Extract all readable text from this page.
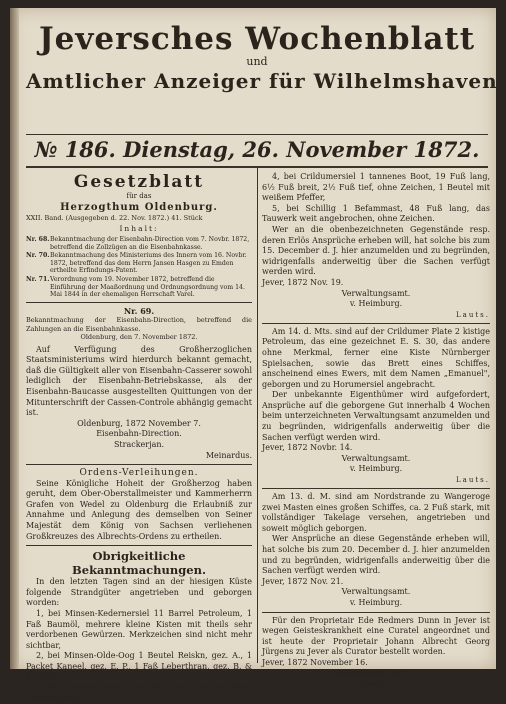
Jeversches Wochenblatt
und
Amtlicher Anzeiger für Wilhelmshaven.
№ 186. Dienstag, 26. November 1872.
Gesetzblatt
für das
Herzogthum Oldenburg.
XXII. Band. (Ausgegeben d. 22. Nov. 1872.) 41. Stück
Inhalt:
Nr. 68. Bekanntmachung der Eisenbahn-Direction vom 7. Novbr. 1872, betreffend die Zollzügen an die Eisenbahnkasse.
Nr. 70. Bekanntmachung des Ministeriums des Innern vom 16. Novbr. 1872, betreffend das dem Herrn Jansen Hasgen zu Emden ertheilte Erfindungs-Patent.
Nr. 71. Verordnung vom 19. November 1872, betreffend die Einführung der Maaßordnung und Ordnungsordnung vom 14. Mai 1844 in der ehemaligen Herrschaft Varel.
Nr. 69.
Bekanntmachung der Eisenbahn-Direction, betreffend die Zahlungen an die Eisenbahnkasse.
Oldenburg, den 7. November 1872.
Auf Verfügung des Großherzoglichen Staatsministeriums wird hierdurch bekannt gemacht, daß die Gültigkeit aller von Eisenbahn-Casserer sowohl lediglich der Eisenbahn-Betriebskasse, als der Eisenbahn-Baucasse ausgestellten Quittungen von der Mitunterschrift der Cassen-Controle abhängig gemacht ist.
Oldenburg, 1872 November 7.
Eisenbahn-Direction.
Strackerjan.
Meinardus.
Ordens-Verleihungen.
Seine Königliche Hoheit der Großherzog haben geruht, dem Ober-Oberstallmeister und Kammerherrn Grafen von Wedel zu Oldenburg die Erlaubniß zur Annahme und Anlegung des demselben von Seiner Majestät dem König von Sachsen verliehenen Großkreuzes des Albrechts-Ordens zu ertheilen.
Obrigkeitliche Bekanntmachungen.
In den letzten Tagen sind an der hiesigen Küste folgende Strandgüter angetrieben und geborgen worden:
1, bei Minsen-Kedernersiel 11 Barrel Petroleum, 1 Faß Baumöl, mehrere kleine Kisten mit theils sehr verdorbenen Gewürzen. Merkzeichen sind nicht mehr sichtbar,
2, bei Minsen-Olde-Oog 1 Beutel Reiskn, gez. A., 1 Packet Kaneel, gez. E. P., 1 Faß Leberthran, gez. B. & K. 8438,
3, bei Hooksiel eine Kiste mit Gewürzwaaren ohne Merkzeichen,
4, bei Crildumersiel 1 tannenes Boot, 19 Fuß lang, 6½ Fuß breit, 2½ Fuß tief, ohne Zeichen, 1 Beutel mit weißem Pfeffer,
5, bei Schillig 1 Befammast, 48 Fuß lang, das Tauwerk weit angebrochen, ohne Zeichen.
Wer an die obenbezeichneten Gegenstände resp. deren Erlös Ansprüche erheben will, hat solche bis zum 15. December d. J. hier anzumelden und zu begründen, widrigenfalls anderweitig über die Sachen verfügt werden wird.
Jever, 1872 Nov. 19.
Verwaltungsamt.
v. Heimburg.
Lauts.
Am 14. d. Mts. sind auf der Crildumer Plate 2 kistige Petroleum, das eine gezeichnet E. S. 30, das andere ohne Merkmal, ferner eine Kiste Nürnberger Spielsachen, sowie das Brett eines Schiffes, anscheinend eines Ewers, mit dem Namen „Emanuel", geborgen und zu Horumersiel angebracht.
Der unbekannte Eigenthümer wird aufgefordert, Ansprüche auf die geborgene Gut innerhalb 4 Wochen beim unterzeichneten Verwaltungsamt anzumelden und zu begründen, widrigenfalls anderweitig über die Sachen verfügt werden wird.
Jever, 1872 Novbr. 14.
Verwaltungsamt.
v. Heimburg.
Lauts.
Am 13. d. M. sind am Nordstrande zu Wangeroge zwei Masten eines großen Schiffes, ca. 2 Fuß stark, mit vollständiger Takelage versehen, angetrieben und soweit möglich geborgen.
Wer Ansprüche an diese Gegenstände erheben will, hat solche bis zum 20. December d. J. hier anzumelden und zu begründen, widrigenfalls anderweitig über die Sachen verfügt werden wird.
Jever, 1872 Nov. 21.
Verwaltungsamt.
v. Heimburg.
Für den Proprietair Ede Redmers Dunn in Jever ist wegen Geisteskrankheit eine Curatel angeordnet und ist heute der Proprietair Johann Albrecht Georg Jürgens zu Jever als Curator bestellt worden.
Jever, 1872 November 16.
Amtsgericht, Abth. I.
Deiter.
Aldrick.
